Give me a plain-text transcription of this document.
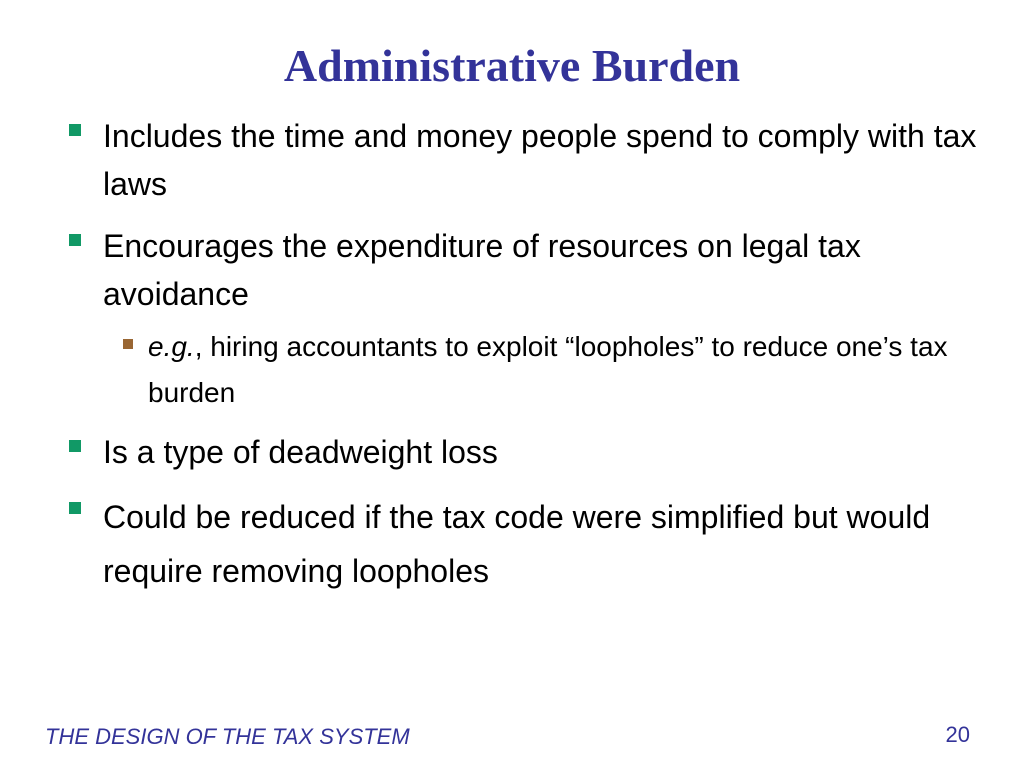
Administrative Burden
Includes the time and money people spend to comply with tax laws
Encourages the expenditure of resources on legal tax avoidance
e.g., hiring accountants to exploit “loopholes” to reduce one’s tax burden
Is a type of deadweight loss
Could be reduced if the tax code were simplified but would require removing loopholes
THE DESIGN OF THE TAX SYSTEM	20
